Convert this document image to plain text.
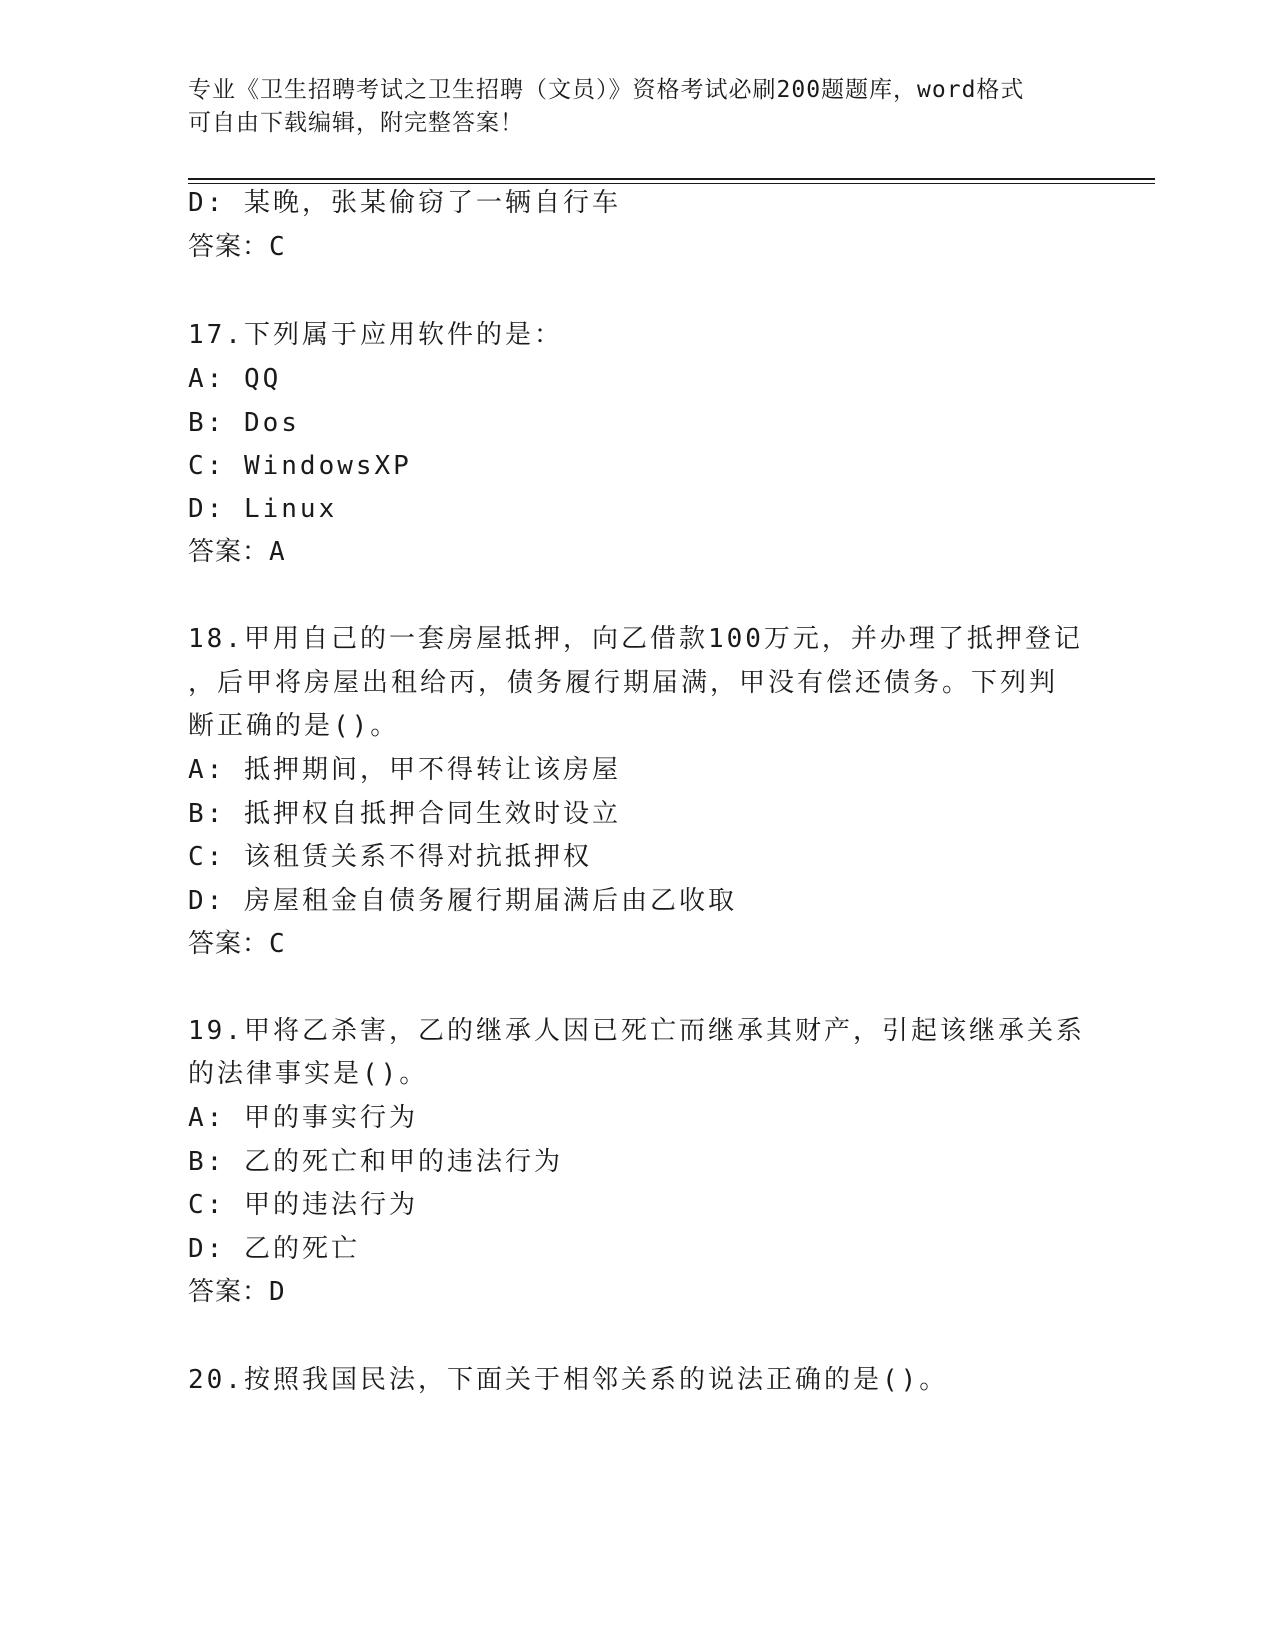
专业《卫生招聘考试之卫生招聘（文员）》资格考试必刷200题题库，word格式
可自由下载编辑，附完整答案！
D: 某晚，张某偷窃了一辆自行车
答案：C
17.下列属于应用软件的是：
A: QQ
B: Dos
C: WindowsXP
D: Linux
答案：A
18.甲用自己的一套房屋抵押，向乙借款100万元，并办理了抵押登记
，后甲将房屋出租给丙，债务履行期届满，甲没有偿还债务。下列判
断正确的是()。
A: 抵押期间，甲不得转让该房屋
B: 抵押权自抵押合同生效时设立
C: 该租赁关系不得对抗抵押权
D: 房屋租金自债务履行期届满后由乙收取
答案：C
19.甲将乙杀害，乙的继承人因已死亡而继承其财产，引起该继承关系
的法律事实是()。
A: 甲的事实行为
B: 乙的死亡和甲的违法行为
C: 甲的违法行为
D: 乙的死亡
答案：D
20.按照我国民法，下面关于相邻关系的说法正确的是()。
